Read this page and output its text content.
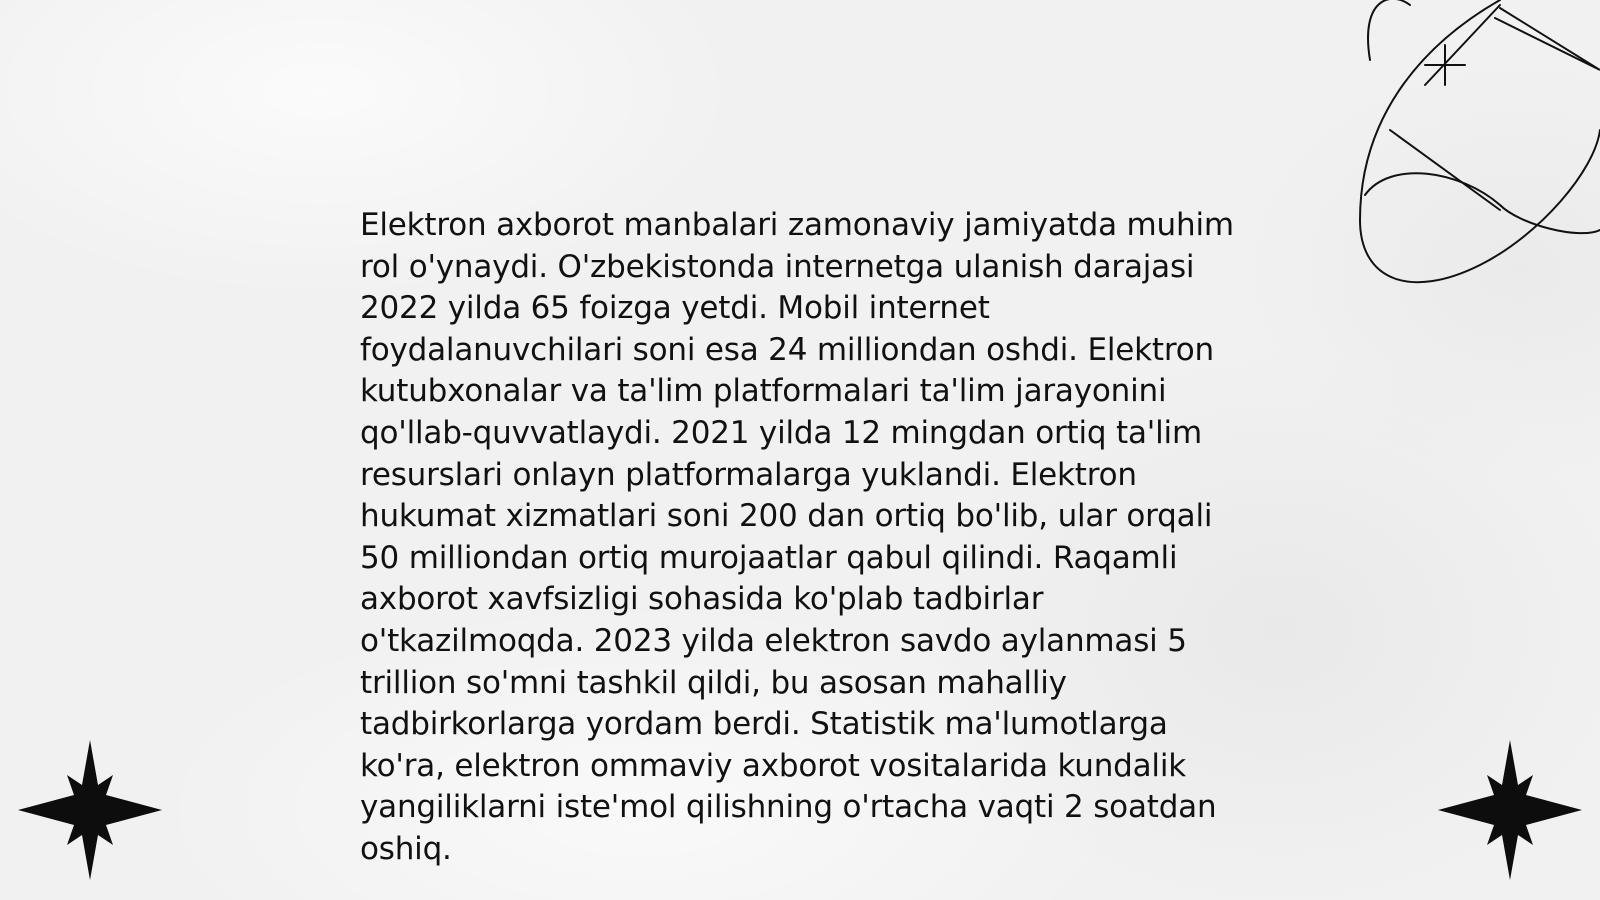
Elektron axborot manbalari zamonaviy jamiyatda muhim rol o'ynaydi. O'zbekistonda internetga ulanish darajasi 2022 yilda 65 foizga yetdi. Mobil internet foydalanuvchilari soni esa 24 milliondan oshdi. Elektron kutubxonalar va ta'lim platformalari ta'lim jarayonini qo'llab-quvvatlaydi. 2021 yilda 12 mingdan ortiq ta'lim resurslari onlayn platformalarga yuklandi. Elektron hukumat xizmatlari soni 200 dan ortiq bo'lib, ular orqali 50 milliondan ortiq murojaatlar qabul qilindi. Raqamli axborot xavfsizligi sohasida ko'plab tadbirlar o'tkazilmoqda. 2023 yilda elektron savdo aylanmasi 5 trillion so'mni tashkil qildi, bu asosan mahalliy tadbirkorlarga yordam berdi. Statistik ma'lumotlarga ko'ra, elektron ommaviy axborot vositalarida kundalik yangiliklarni iste'mol qilishning o'rtacha vaqti 2 soatdan oshiq.
